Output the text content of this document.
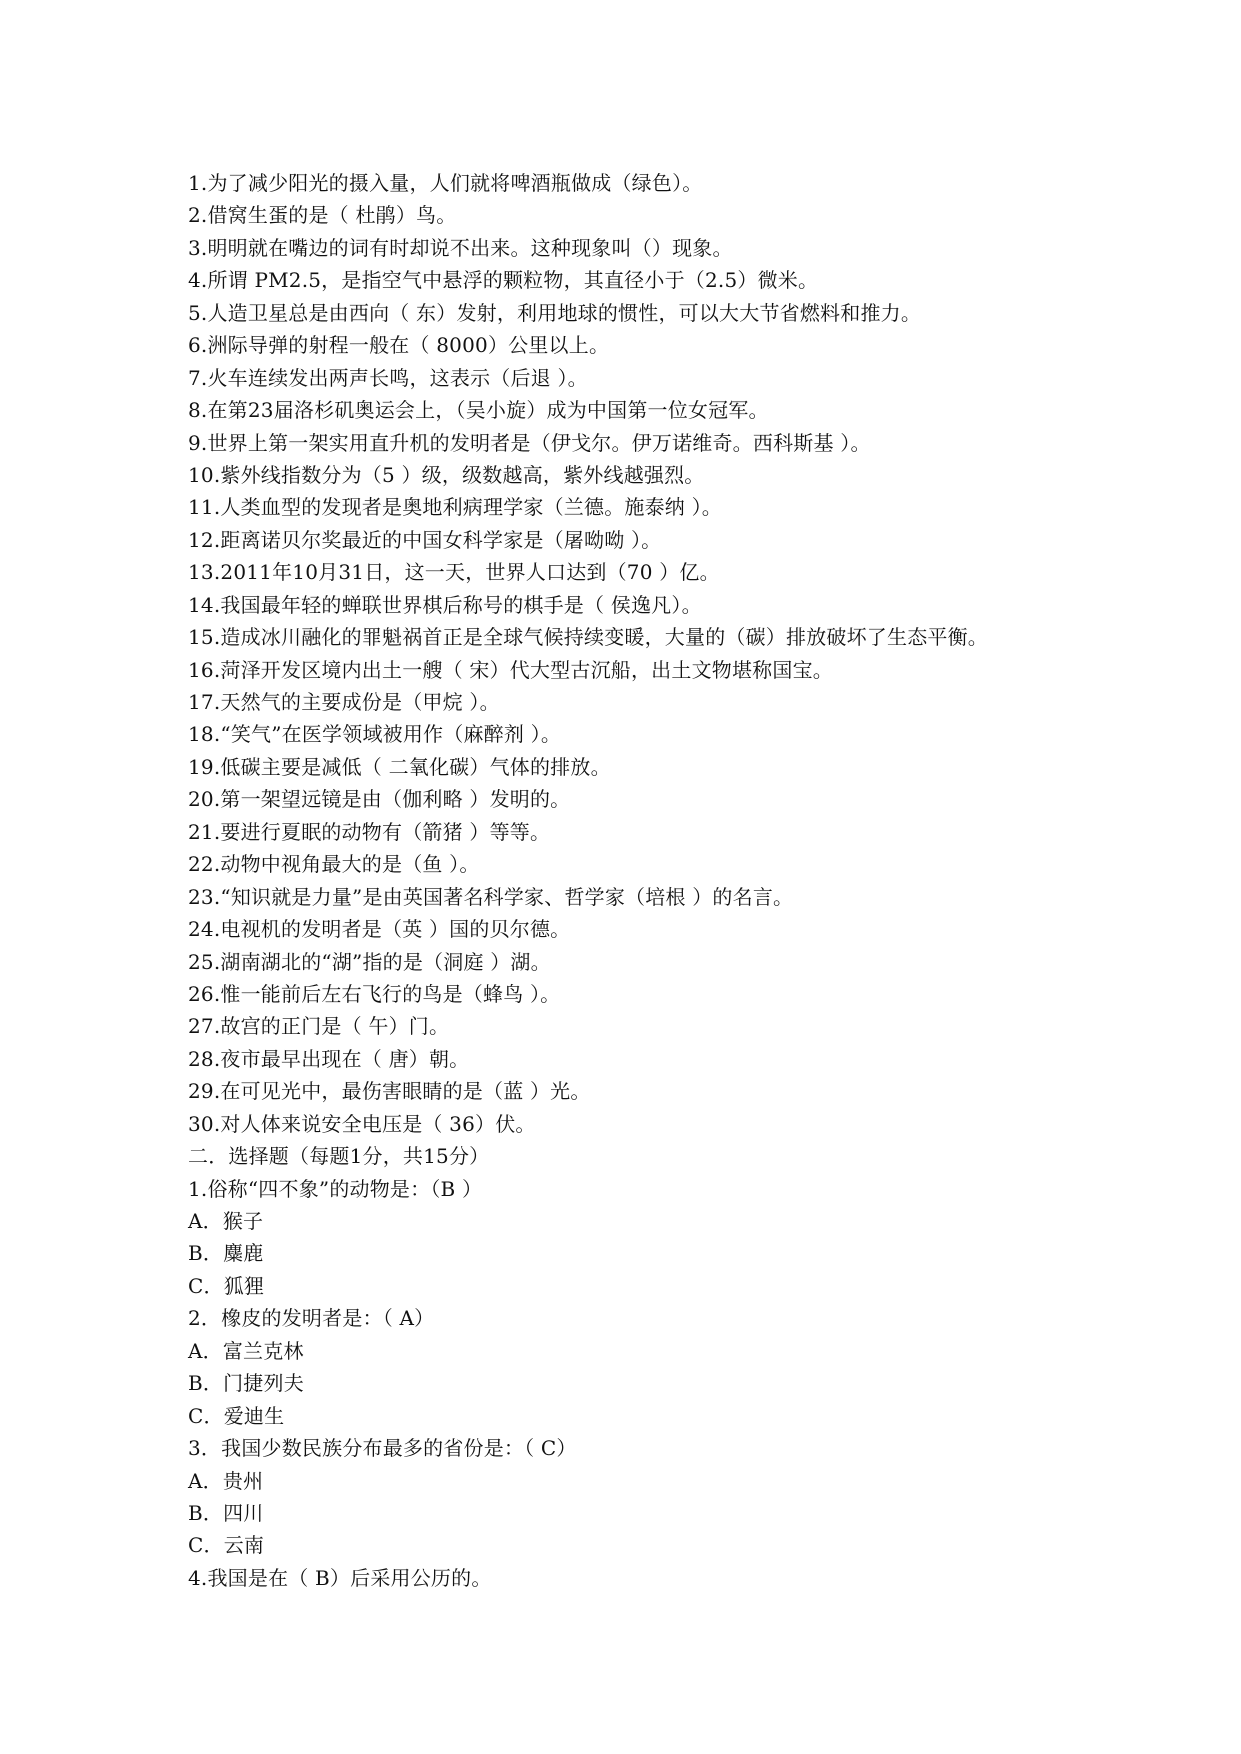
1.为了减少阳光的摄入量，人们就将啤酒瓶做成（绿色）。
2.借窝生蛋的是（ 杜鹃）鸟。
3.明明就在嘴边的词有时却说不出来。这种现象叫（）现象。
4.所谓 PM2.5，是指空气中悬浮的颗粒物，其直径小于（2.5）微米。
5.人造卫星总是由西向（ 东）发射，利用地球的惯性，可以大大节省燃料和推力。
6.洲际导弹的射程一般在（ 8000）公里以上。
7.火车连续发出两声长鸣，这表示（后退 ）。
8.在第23届洛杉矶奥运会上，（吴小旋）成为中国第一位女冠军。
9.世界上第一架实用直升机的发明者是（伊戈尔。伊万诺维奇。西科斯基 ）。
10.紫外线指数分为（5 ）级，级数越高，紫外线越强烈。
11.人类血型的发现者是奥地利病理学家（兰德。施泰纳 ）。
12.距离诺贝尔奖最近的中国女科学家是（屠呦呦 ）。
13.2011年10月31日，这一天，世界人口达到（70 ）亿。
14.我国最年轻的蝉联世界棋后称号的棋手是（ 侯逸凡）。
15.造成冰川融化的罪魁祸首正是全球气候持续变暖，大量的（碳）排放破坏了生态平衡。
16.菏泽开发区境内出土一艘（ 宋）代大型古沉船，出土文物堪称国宝。
17.天然气的主要成份是（甲烷 ）。
18.“笑气”在医学领域被用作（麻醉剂 ）。
19.低碳主要是减低（ 二氧化碳）气体的排放。
20.第一架望远镜是由（伽利略 ）发明的。
21.要进行夏眠的动物有（箭猪 ）等等。
22.动物中视角最大的是（鱼 ）。
23.“知识就是力量”是由英国著名科学家、哲学家（培根 ）的名言。
24.电视机的发明者是（英 ）国的贝尔德。
25.湖南湖北的“湖”指的是（洞庭 ）湖。
26.惟一能前后左右飞行的鸟是（蜂鸟 ）。
27.故宫的正门是（ 午）门。
28.夜市最早出现在（ 唐）朝。
29.在可见光中，最伤害眼睛的是（蓝 ）光。
30.对人体来说安全电压是（ 36）伏。
二．选择题（每题1分，共15分）
1.俗称“四不象”的动物是：（B ）
A．猴子
B．麋鹿
C．狐狸
2．橡皮的发明者是：（ A）
A．富兰克林
B．门捷列夫
C．爱迪生
3．我国少数民族分布最多的省份是：（ C）
A．贵州
B．四川
C．云南
4.我国是在（ B）后采用公历的。
